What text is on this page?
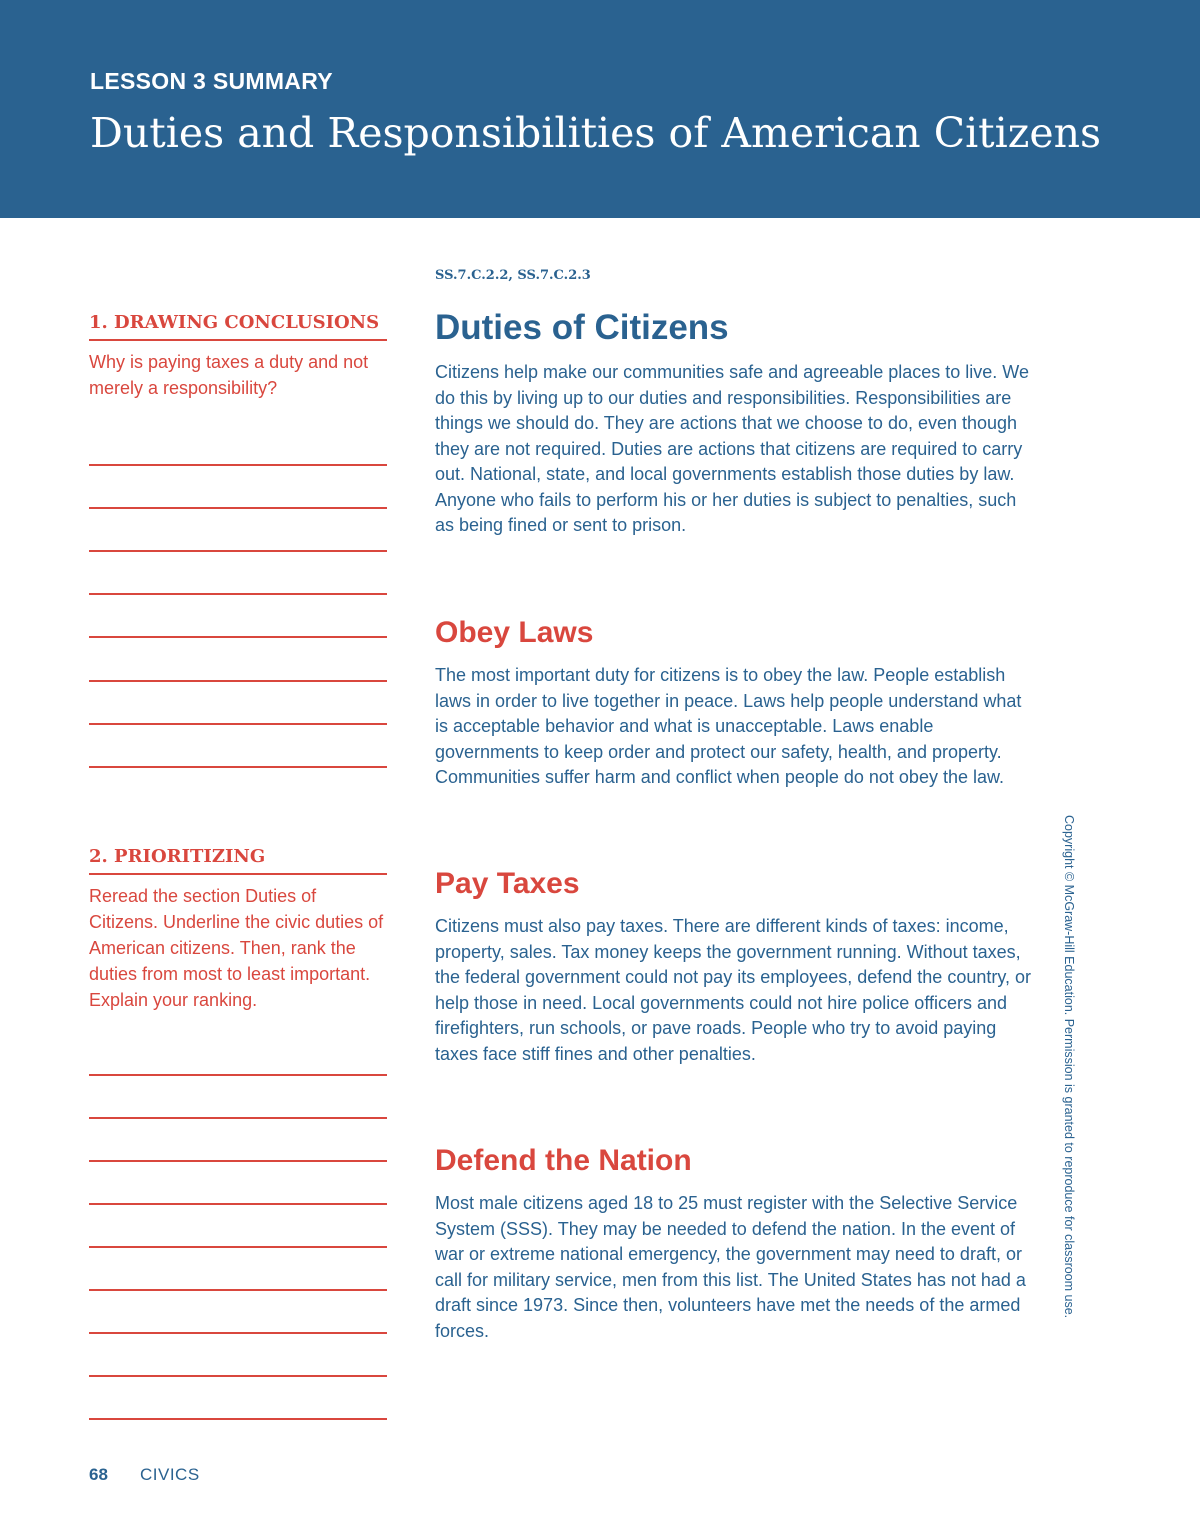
LESSON 3 SUMMARY
Duties and Responsibilities of American Citizens
1. DRAWING CONCLUSIONS

Why is paying taxes a duty and not merely a responsibility?

2. PRIORITIZING

Reread the section Duties of Citizens. Underline the civic duties of American citizens. Then, rank the duties from most to least important. Explain your ranking.

SS.7.C.2.2, SS.7.C.2.3
Duties of Citizens

Citizens help make our communities safe and agreeable places to live. We do this by living up to our duties and responsibilities. Responsibilities are things we should do. They are actions that we choose to do, even though they are not required. Duties are actions that citizens are required to carry out. National, state, and local governments establish those duties by law. Anyone who fails to perform his or her duties is subject to penalties, such as being fined or sent to prison.

Obey Laws

The most important duty for citizens is to obey the law. People establish laws in order to live together in peace. Laws help people understand what is acceptable behavior and what is unacceptable. Laws enable governments to keep order and protect our safety, health, and property. Communities suffer harm and conflict when people do not obey the law.

Pay Taxes

Citizens must also pay taxes. There are different kinds of taxes: income, property, sales. Tax money keeps the government running. Without taxes, the federal government could not pay its employees, defend the country, or help those in need. Local governments could not hire police officers and firefighters, run schools, or pave roads. People who try to avoid paying taxes face stiff fines and other penalties.

Defend the Nation

Most male citizens aged 18 to 25 must register with the Selective Service System (SSS). They may be needed to defend the nation. In the event of war or extreme national emergency, the government may need to draft, or call for military service, men from this list. The United States has not had a draft since 1973. Since then, volunteers have met the needs of the armed forces.

Copyright © McGraw-Hill Education. Permission is granted to reproduce for classroom use.
68 CIVICS
